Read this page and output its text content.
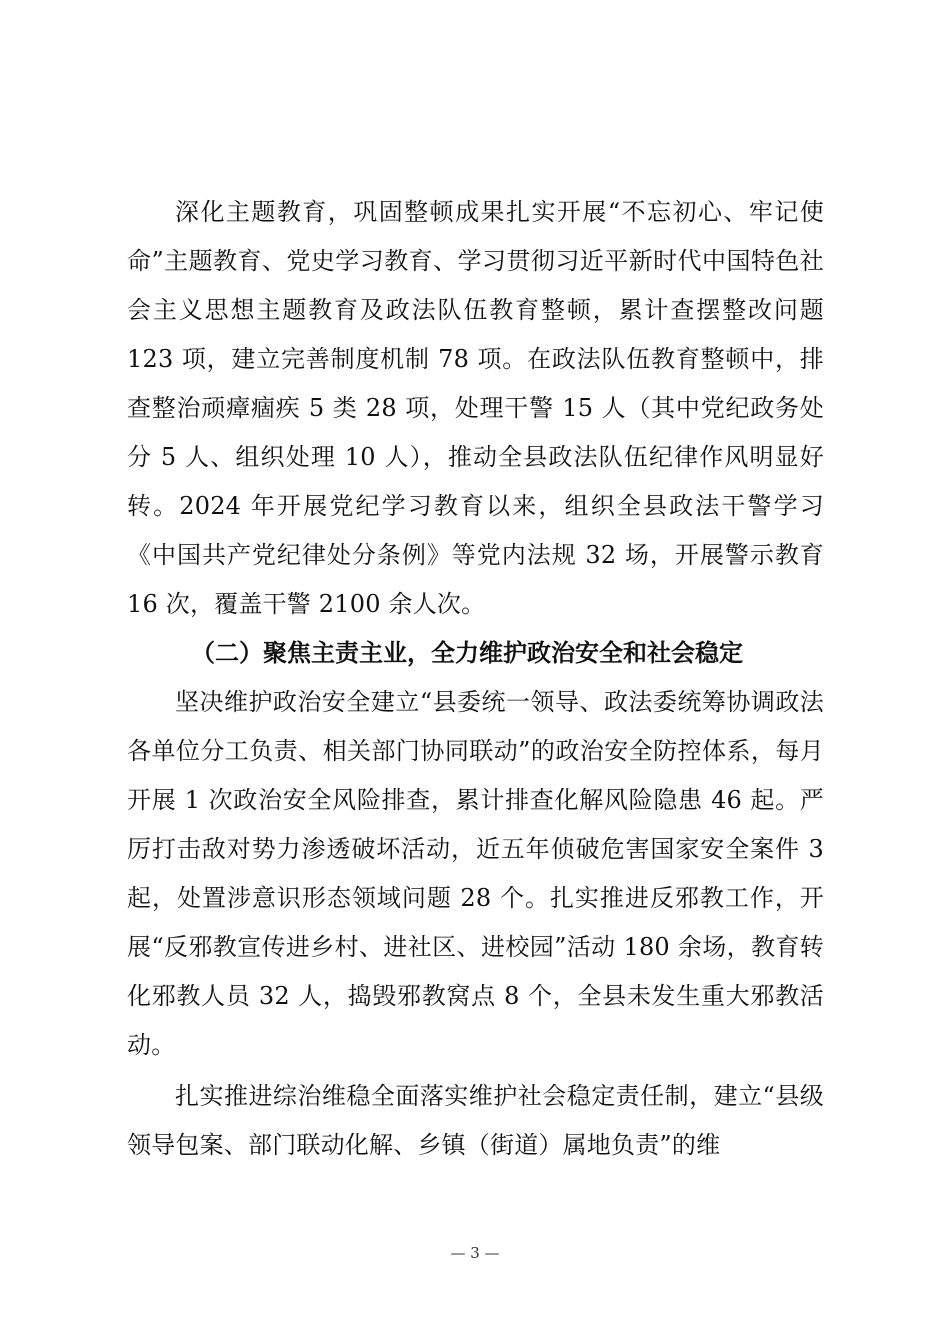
深化主题教育，巩固整顿成果扎实开展“不忘初心、牢记使命”主题教育、党史学习教育、学习贯彻习近平新时代中国特色社会主义思想主题教育及政法队伍教育整顿，累计查摆整改问题 123 项，建立完善制度机制 78 项。在政法队伍教育整顿中，排查整治顽瘴痼疾 5 类 28 项，处理干警 15 人（其中党纪政务处分 5 人、组织处理 10 人），推动全县政法队伍纪律作风明显好转。2024 年开展党纪学习教育以来，组织全县政法干警学习《中国共产党纪律处分条例》等党内法规 32 场，开展警示教育 16 次，覆盖干警 2100 余人次。

（二）聚焦主责主业，全力维护政治安全和社会稳定

坚决维护政治安全建立“县委统一领导、政法委统筹协调政法各单位分工负责、相关部门协同联动”的政治安全防控体系，每月开展 1 次政治安全风险排查，累计排查化解风险隐患 46 起。严厉打击敌对势力渗透破坏活动，近五年侦破危害国家安全案件 3 起，处置涉意识形态领域问题 28 个。扎实推进反邪教工作，开展“反邪教宣传进乡村、进社区、进校园”活动 180 余场，教育转化邪教人员 32 人，捣毁邪教窝点 8 个，全县未发生重大邪教活动。

扎实推进综治维稳全面落实维护社会稳定责任制，建立“县级领导包案、部门联动化解、乡镇（街道）属地负责”的维

— 3 —
